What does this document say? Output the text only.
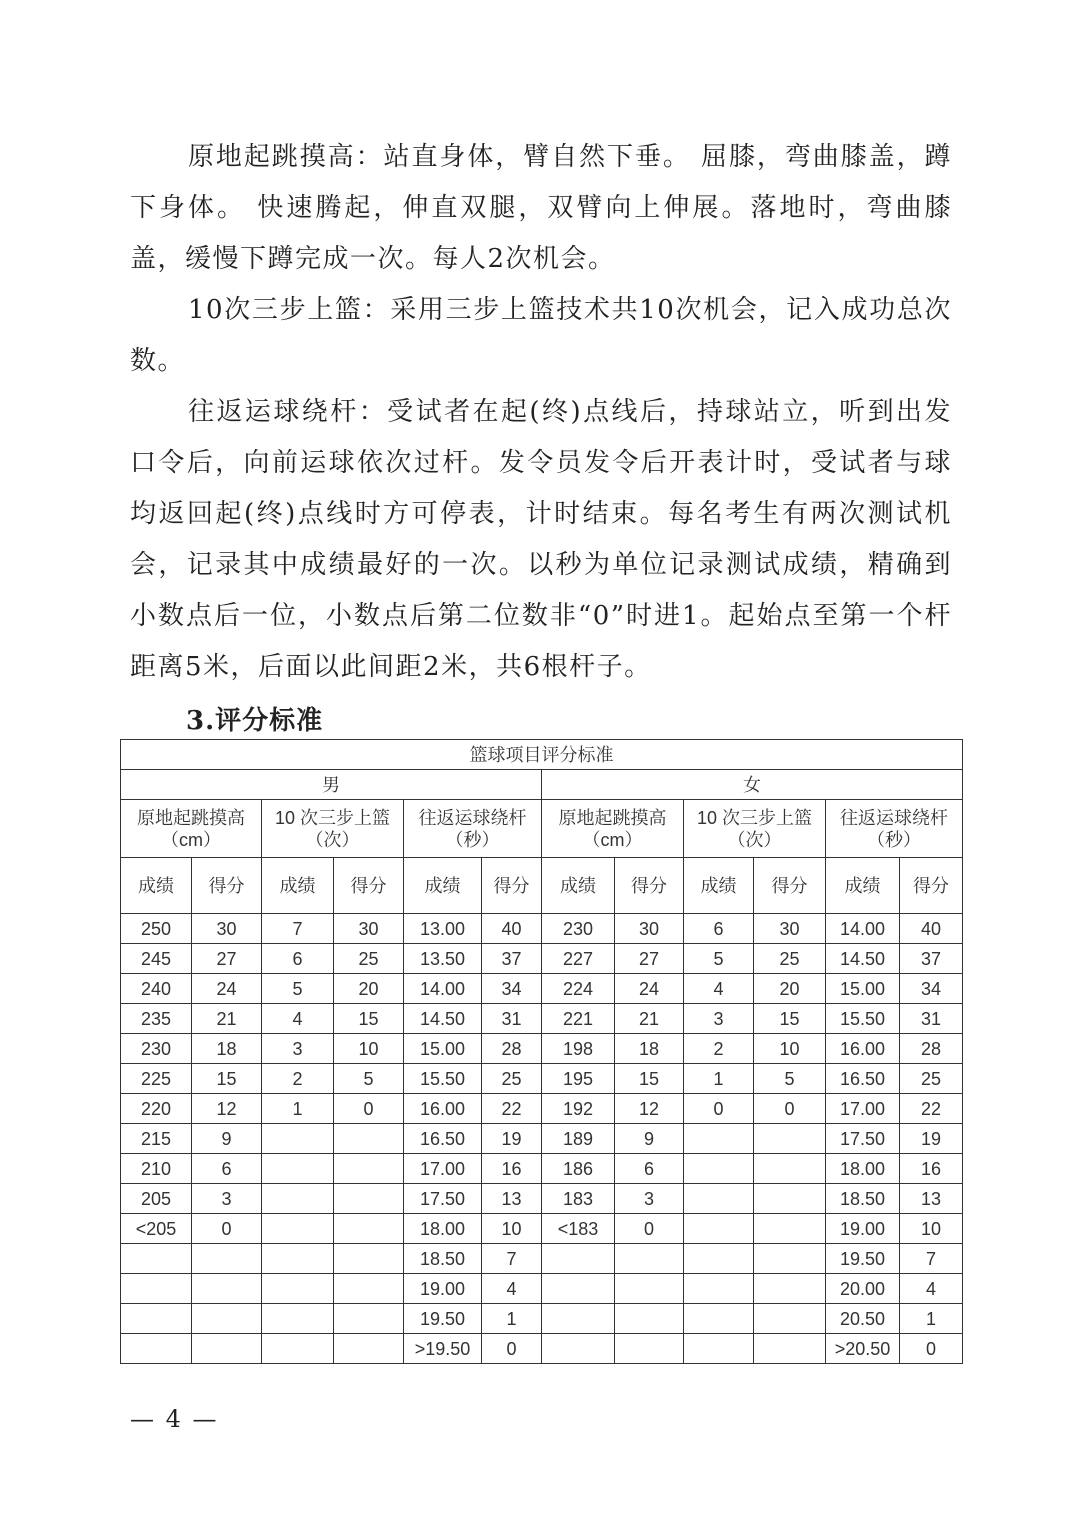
原地起跳摸高：站直身体，臂自然下垂。 屈膝，弯曲膝盖，蹲下身体。 快速腾起，伸直双腿，双臂向上伸展。落地时，弯曲膝盖，缓慢下蹲完成一次。每人2次机会。

10次三步上篮：采用三步上篮技术共10次机会，记入成功总次数。

往返运球绕杆：受试者在起(终)点线后，持球站立，听到出发口令后，向前运球依次过杆。发令员发令后开表计时，受试者与球均返回起(终)点线时方可停表，计时结束。每名考生有两次测试机会，记录其中成绩最好的一次。以秒为单位记录测试成绩，精确到小数点后一位，小数点后第二位数非“0”时进1。起始点至第一个杆距离5米，后面以此间距2米，共6根杆子。

3.评分标准
篮球项目评分标准											
男						女					
原地起跳摸高（cm）		10 次三步上篮（次）		往返运球绕杆（秒）		原地起跳摸高（cm）		10 次三步上篮（次）		往返运球绕杆（秒）	
成绩	得分	成绩	得分	成绩	得分	成绩	得分	成绩	得分	成绩	得分
250	30	7	30	13.00	40	230	30	6	30	14.00	40
245	27	6	25	13.50	37	227	27	5	25	14.50	37
240	24	5	20	14.00	34	224	24	4	20	15.00	34
235	21	4	15	14.50	31	221	21	3	15	15.50	31
230	18	3	10	15.00	28	198	18	2	10	16.00	28
225	15	2	5	15.50	25	195	15	1	5	16.50	25
220	12	1	0	16.00	22	192	12	0	0	17.00	22
215	9			16.50	19	189	9			17.50	19
210	6			17.00	16	186	6			18.00	16
205	3			17.50	13	183	3			18.50	13
<205	0			18.00	10	<183	0			19.00	10
				18.50	7					19.50	7
				19.00	4					20.00	4
				19.50	1					20.50	1
				>19.50	0					>20.50	0
— 4 —
